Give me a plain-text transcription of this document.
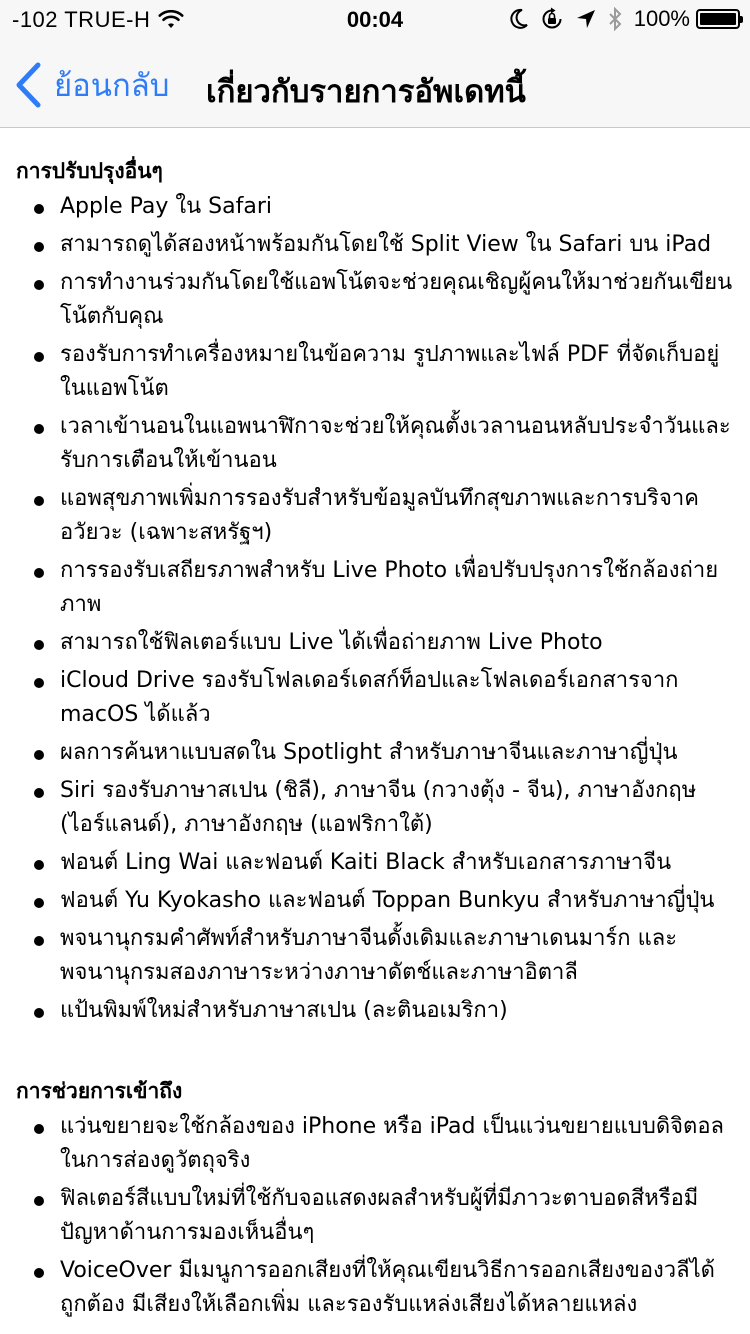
-102 TRUE-H	00:04	100%
ย้อนกลับ เกี่ยวกับรายการอัพเดทนี้
การปรับปรุงอื่นๆ
Apple Pay ใน Safari
สามารถดูได้สองหน้าพร้อมกันโดยใช้ Split View ใน Safari บน iPad
การทำงานร่วมกันโดยใช้แอพโน้ตจะช่วยคุณเชิญผู้คนให้มาช่วยกันเขียนโน้ตกับคุณ
รองรับการทำเครื่องหมายในข้อความ รูปภาพและไฟล์ PDF ที่จัดเก็บอยู่ในแอพโน้ต
เวลาเข้านอนในแอพนาฬิกาจะช่วยให้คุณตั้งเวลานอนหลับประจำวันและรับการเตือนให้เข้านอน
แอพสุขภาพเพิ่มการรองรับสำหรับข้อมูลบันทึกสุขภาพและการบริจาคอวัยวะ (เฉพาะสหรัฐฯ)
การรองรับเสถียรภาพสำหรับ Live Photo เพื่อปรับปรุงการใช้กล้องถ่ายภาพ
สามารถใช้ฟิลเตอร์แบบ Live ได้เพื่อถ่ายภาพ Live Photo
iCloud Drive รองรับโฟลเดอร์เดสก์ท็อปและโฟลเดอร์เอกสารจาก macOS ได้แล้ว
ผลการค้นหาแบบสดใน Spotlight สำหรับภาษาจีนและภาษาญี่ปุ่น
Siri รองรับภาษาสเปน (ชิลี), ภาษาจีน (กวางตุ้ง - จีน), ภาษาอังกฤษ (ไอร์แลนด์), ภาษาอังกฤษ (แอฟริกาใต้)
ฟอนต์ Ling Wai และฟอนต์ Kaiti Black สำหรับเอกสารภาษาจีน
ฟอนต์ Yu Kyokasho และฟอนต์ Toppan Bunkyu สำหรับภาษาญี่ปุ่น
พจนานุกรมคำศัพท์สำหรับภาษาจีนดั้งเดิมและภาษาเดนมาร์ก และพจนานุกรมสองภาษาระหว่างภาษาดัตช์และภาษาอิตาลี
แป้นพิมพ์ใหม่สำหรับภาษาสเปน (ละตินอเมริกา)
การช่วยการเข้าถึง
แว่นขยายจะใช้กล้องของ iPhone หรือ iPad เป็นแว่นขยายแบบดิจิตอลในการส่องดูวัตถุจริง
ฟิลเตอร์สีแบบใหม่ที่ใช้กับจอแสดงผลสำหรับผู้ที่มีภาวะตาบอดสีหรือมีปัญหาด้านการมองเห็นอื่นๆ
VoiceOver มีเมนูการออกเสียงที่ให้คุณเขียนวิธีการออกเสียงของวลีได้ถูกต้อง มีเสียงให้เลือกเพิ่ม และรองรับแหล่งเสียงได้หลายแหล่ง
